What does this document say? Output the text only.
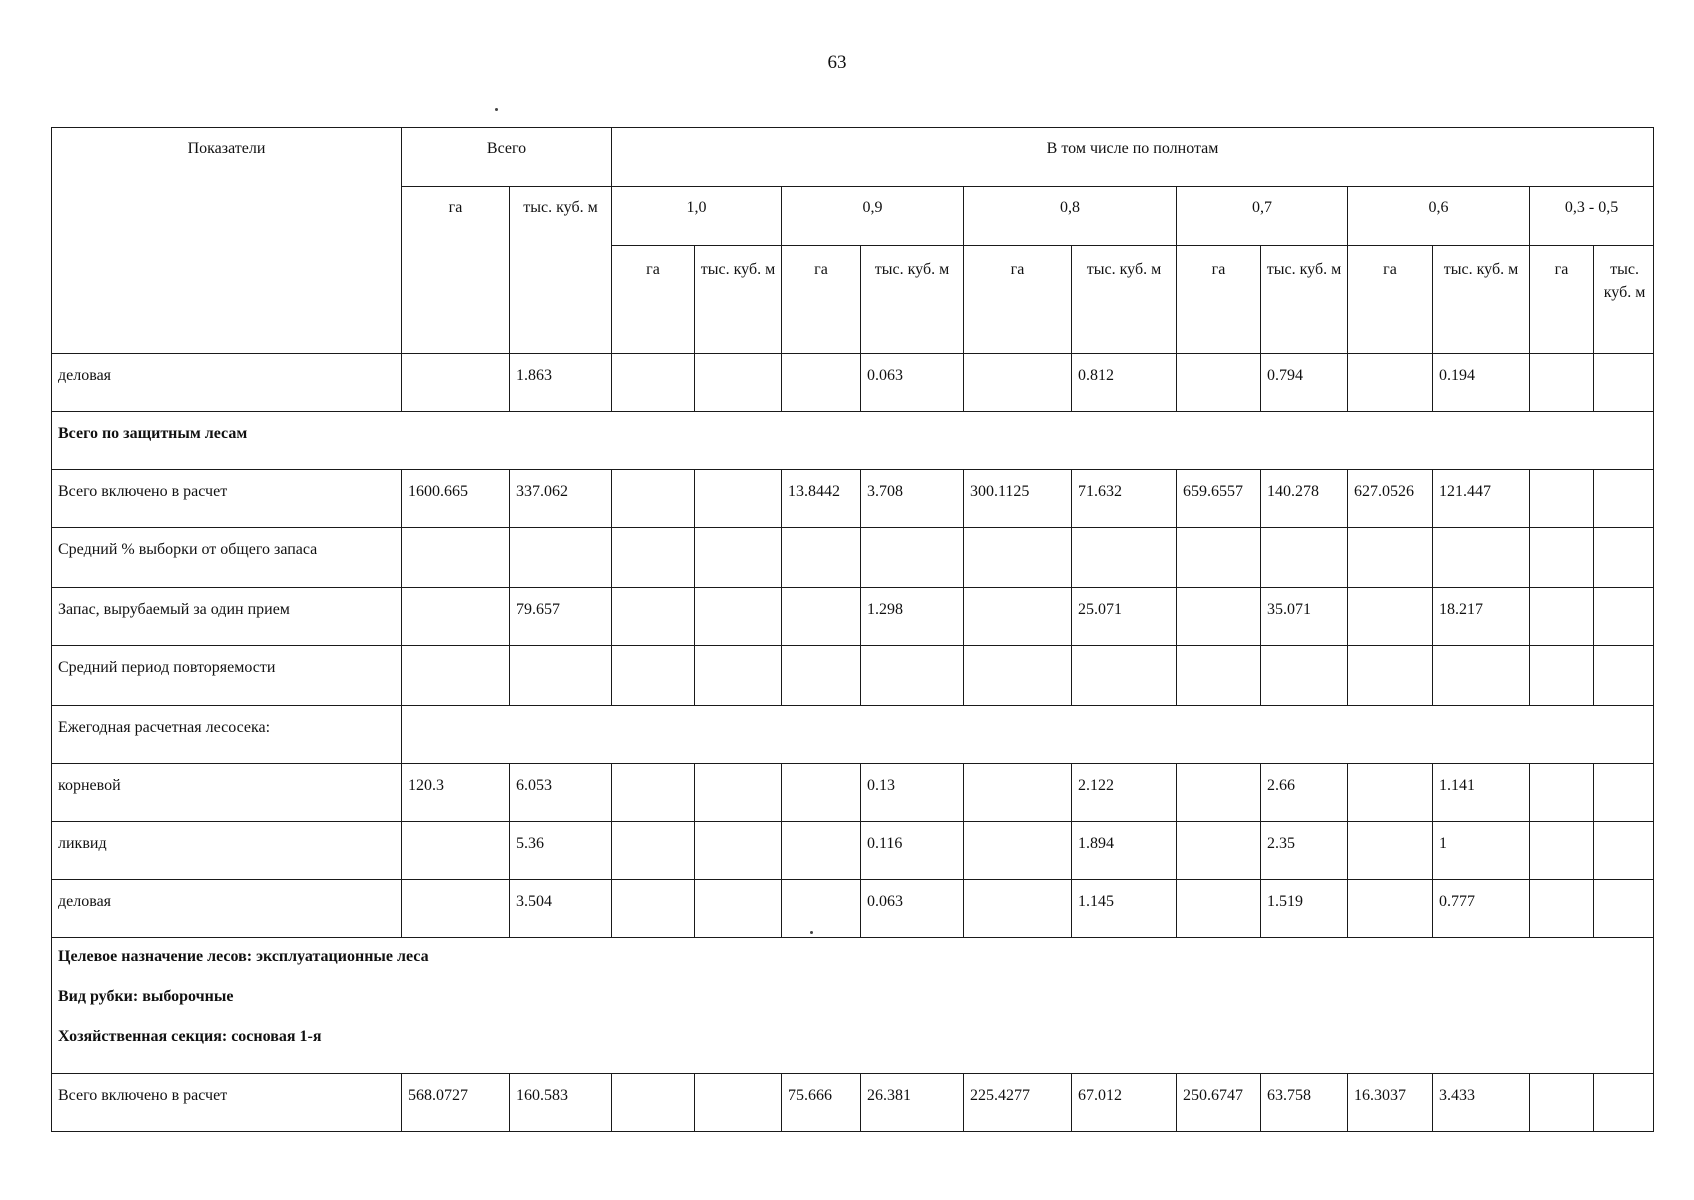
63
Показатели	Всего		В том числе по полнотам											
	га	тыс. куб. м	1,0		0,9		0,8		0,7		0,6		0,3 - 0,5	
			га	тыс. куб. м	га	тыс. куб. м	га	тыс. куб. м	га	тыс. куб. м	га	тыс. куб. м	га	тыс. куб. м
деловая		1.863				0.063		0.812		0.794		0.194		
Всего по защитным лесам														
Всего включено в расчет	1600.665	337.062			13.8442	3.708	300.1125	71.632	659.6557	140.278	627.0526	121.447		
Средний % выборки от общего запаса														
Запас, вырубаемый за один прием		79.657				1.298		25.071		35.071		18.217		
Средний период повторяемости														
Ежегодная расчетная лесосека:														
корневой	120.3	6.053				0.13		2.122		2.66		1.141		
ликвид		5.36				0.116		1.894		2.35		1		
деловая		3.504				0.063		1.145		1.519		0.777		

Целевое назначение лесов: эксплуатационные леса
Вид рубки: выборочные
Хозяйственная секция: сосновая 1-я														

Всего включено в расчет	568.0727	160.583			75.666	26.381	225.4277	67.012	250.6747	63.758	16.3037	3.433		
